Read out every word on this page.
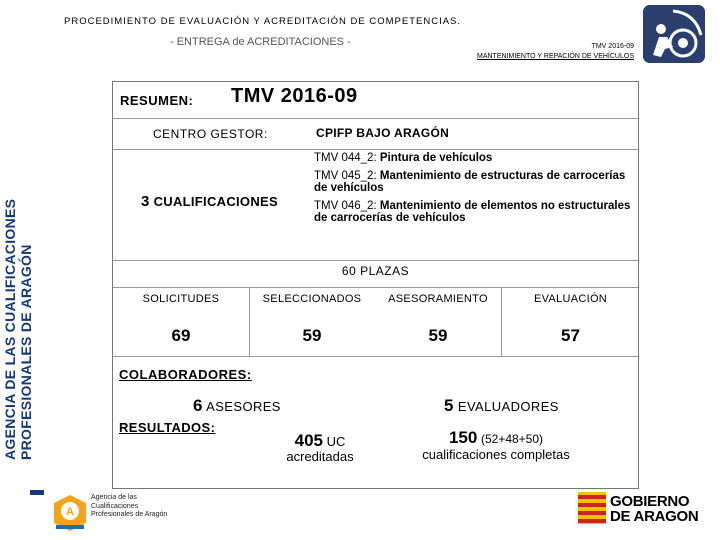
PROCEDIMIENTO DE EVALUACIÓN Y ACREDITACIÓN DE COMPETENCIAS.
- ENTREGA de ACREDITACIONES -	TMV 2016-09
MANTENIMIENTO Y REPACIÓN DE VEHÍCULOS
AGENCIA DE LAS CUALIFICACIONES PROFESIONALES DE ARAGÓN
RESUMEN: TMV 2016-09
CENTRO GESTOR:	CPIFP BAJO ARAGÓN
3 CUALIFICACIONES
TMV 044_2: Pintura de vehículos
TMV 045_2: Mantenimiento de estructuras de carrocerías de vehículos
TMV 046_2: Mantenimiento de elementos no estructurales de carrocerías de vehículos
60 PLAZAS
SOLICITUDES	SELECCIONADOS	ASESORAMIENTO	EVALUACIÓN
69	59	59	57
COLABORADORES:
6 ASESORES	5 EVALUADORES
RESULTADOS:
405 UC
acreditadas
150 (52+48+50)
cualificaciones completas
A
Agencia de las Cualificaciones Profesionales de Aragón
GOBIERNO
DE ARAGON
